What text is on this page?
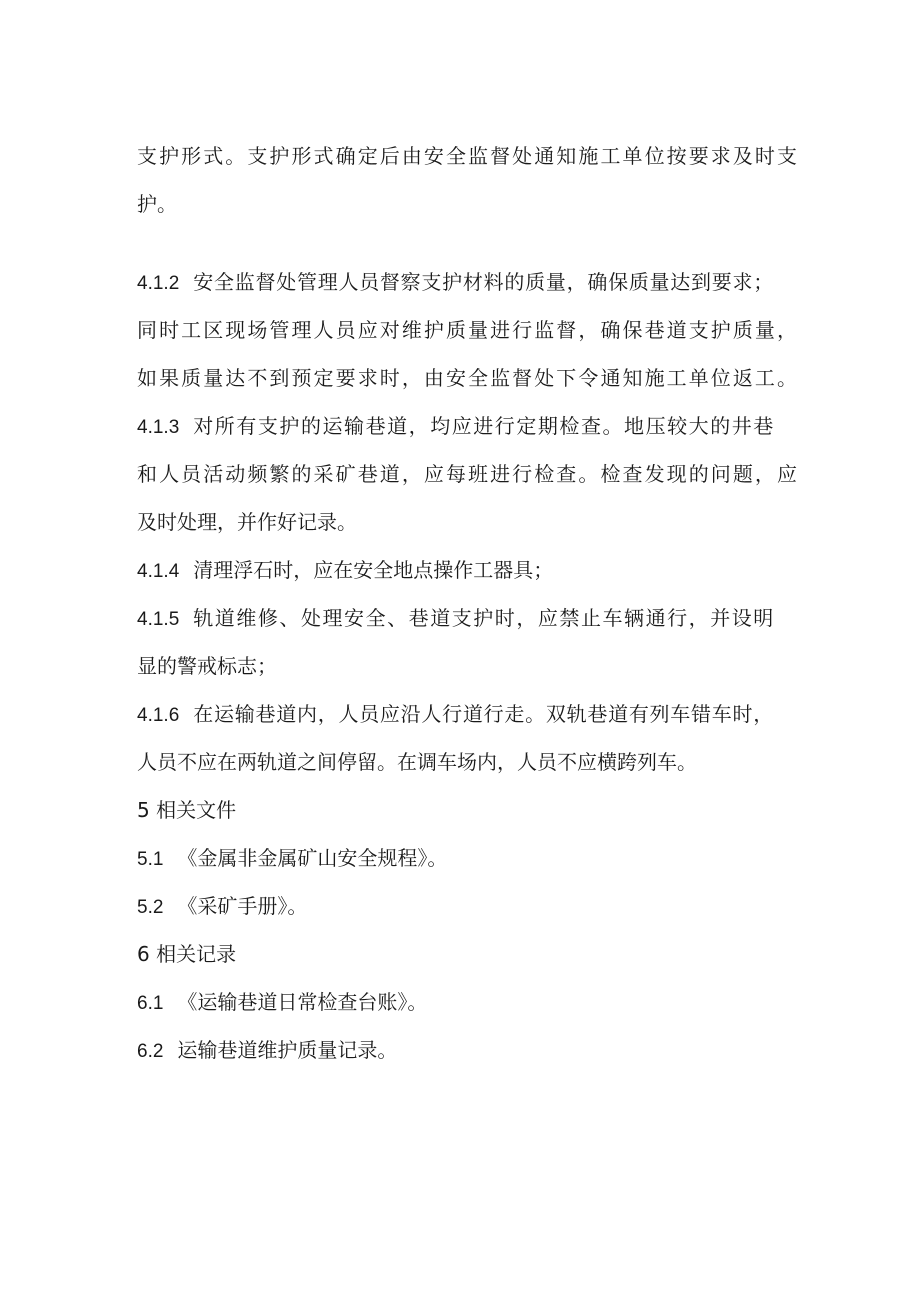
支护形式。支护形式确定后由安全监督处通知施工单位按要求及时支
护。
4.1.2 安全监督处管理人员督察支护材料的质量，确保质量达到要求；
同时工区现场管理人员应对维护质量进行监督，确保巷道支护质量，
如果质量达不到预定要求时，由安全监督处下令通知施工单位返工。
4.1.3 对所有支护的运输巷道，均应进行定期检查。地压较大的井巷
和人员活动频繁的采矿巷道，应每班进行检查。检查发现的问题，应
及时处理，并作好记录。
4.1.4 清理浮石时，应在安全地点操作工器具；
4.1.5 轨道维修、处理安全、巷道支护时，应禁止车辆通行，并设明
显的警戒标志；
4.1.6 在运输巷道内，人员应沿人行道行走。双轨巷道有列车错车时，
人员不应在两轨道之间停留。在调车场内，人员不应横跨列车。
5 相关文件
5.1 《金属非金属矿山安全规程》。
5.2 《采矿手册》。
6 相关记录
6.1 《运输巷道日常检查台账》。
6.2 运输巷道维护质量记录。
